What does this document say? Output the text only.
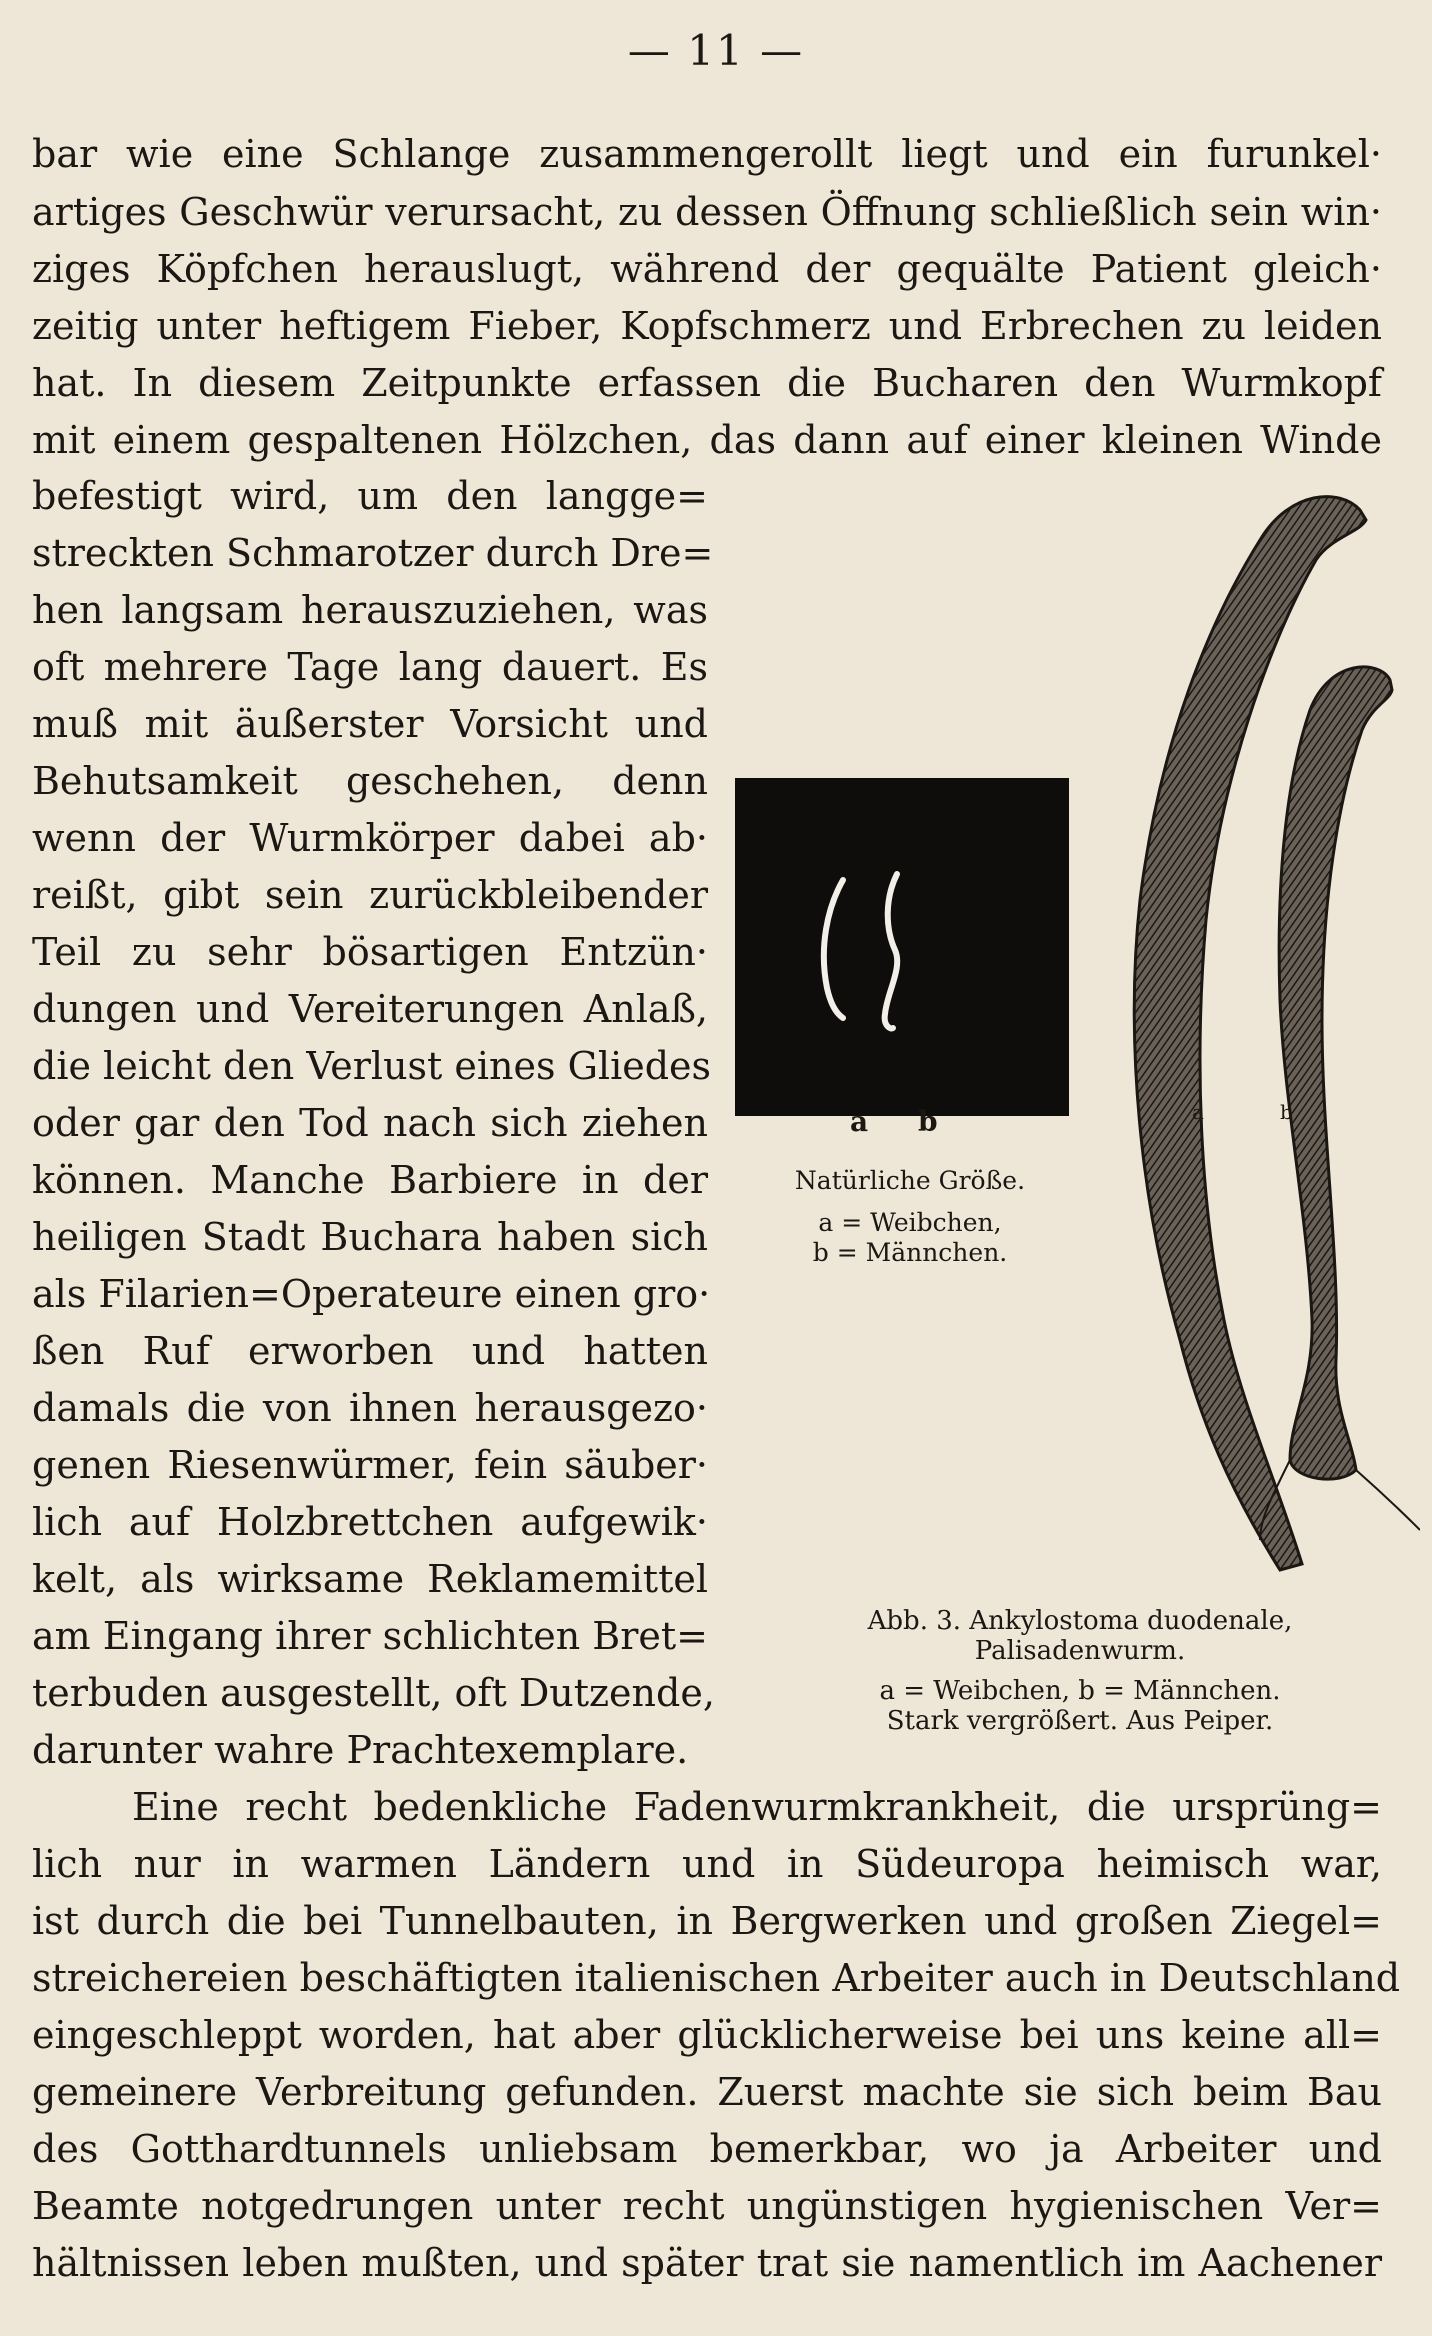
— 11 —
bar wie eine Schlange zusammengerollt liegt und ein furunkel·
artiges Geschwür verursacht, zu dessen Öffnung schließlich sein win·
ziges Köpfchen herauslugt, während der gequälte Patient gleich·
zeitig unter heftigem Fieber, Kopfschmerz und Erbrechen zu leiden
hat. In diesem Zeitpunkte erfassen die Bucharen den Wurmkopf
mit einem gespaltenen Hölzchen, das dann auf einer kleinen Winde
befestigt wird, um den langge=
streckten Schmarotzer durch Dre=
hen langsam herauszuziehen, was
oft mehrere Tage lang dauert. Es
muß mit äußerster Vorsicht und
Behutsamkeit geschehen, denn
wenn der Wurmkörper dabei ab·
reißt, gibt sein zurückbleibender
Teil zu sehr bösartigen Entzün·
dungen und Vereiterungen Anlaß,
die leicht den Verlust eines Gliedes
oder gar den Tod nach sich ziehen
können. Manche Barbiere in der
heiligen Stadt Buchara haben sich
als Filarien=Operateure einen gro·
ßen Ruf erworben und hatten
damals die von ihnen herausgezo·
genen Riesenwürmer, fein säuber·
lich auf Holzbrettchen aufgewik·
kelt, als wirksame Reklamemittel
am Eingang ihrer schlichten Bret=
terbuden ausgestellt, oft Dutzende,
darunter wahre Prachtexemplare.
Eine recht bedenkliche Fadenwurmkrankheit, die ursprüng=
lich nur in warmen Ländern und in Südeuropa heimisch war,
ist durch die bei Tunnelbauten, in Bergwerken und großen Ziegel=
streichereien beschäftigten italienischen Arbeiter auch in Deutschland
eingeschleppt worden, hat aber glücklicherweise bei uns keine all=
gemeinere Verbreitung gefunden. Zuerst machte sie sich beim Bau
des Gotthardtunnels unliebsam bemerkbar, wo ja Arbeiter und
Beamte notgedrungen unter recht ungünstigen hygienischen Ver=
hältnissen leben mußten, und später trat sie namentlich im Aachener
a b
Natürliche Größe.
a = Weibchen,
b = Männchen.
a	b
Abb. 3. Ankylostoma duodenale,
Palisadenwurm.
a = Weibchen, b = Männchen.
Stark vergrößert. Aus Peiper.
